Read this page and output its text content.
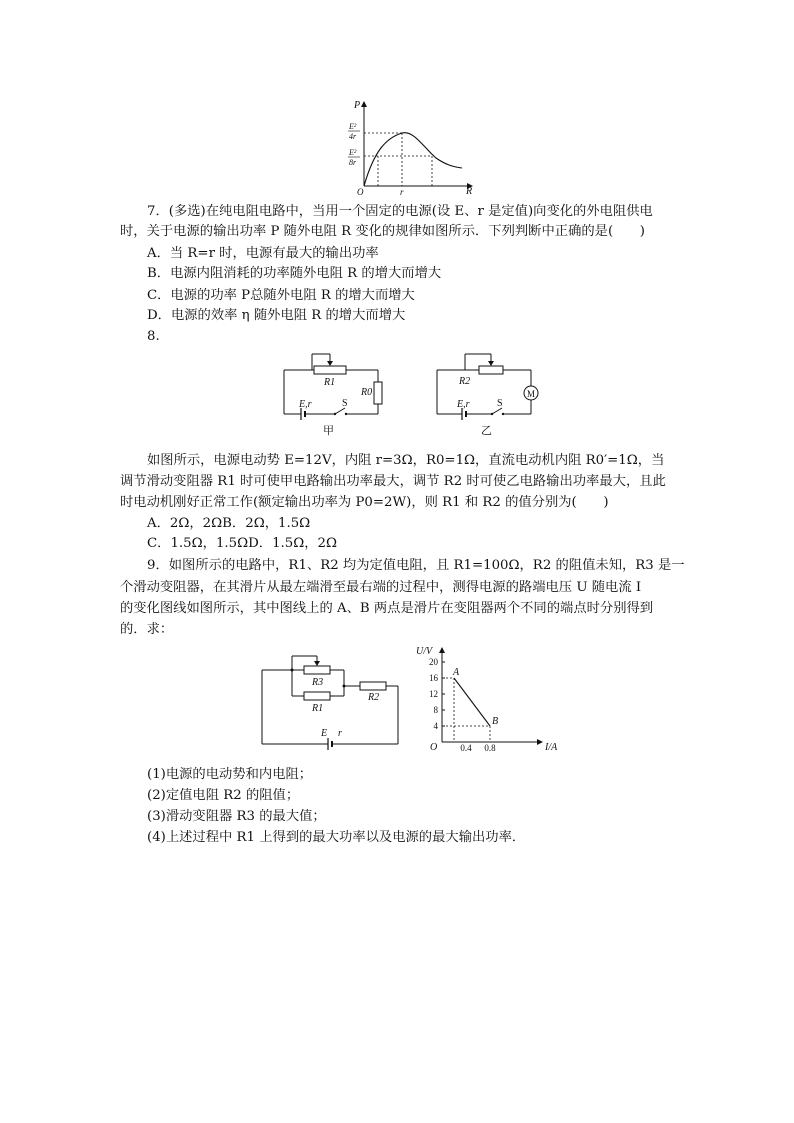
P
R
O
E²
4r
E²
8r
r
7．(多选)在纯电阻电路中，当用一个固定的电源(设 E、r 是定值)向变化的外电阻供电
时，关于电源的输出功率 P 随外电阻 R 变化的规律如图所示．下列判断中正确的是(　　)
A．当 R=r 时，电源有最大的输出功率
B．电源内阻消耗的功率随外电阻 R 的增大而增大
C．电源的功率 P总随外电阻 R 的增大而增大
D．电源的效率 η 随外电阻 R 的增大而增大
8.
R1
R0
E,r	S
甲
R2
M
E,r	S
乙
如图所示，电源电动势 E=12V，内阻 r=3Ω，R0=1Ω，直流电动机内阻 R0′=1Ω，当
调节滑动变阻器 R1 时可使甲电路输出功率最大，调节 R2 时可使乙电路输出功率最大，且此
时电动机刚好正常工作(额定输出功率为 P0=2W)，则 R1 和 R2 的值分别为(　　)
A．2Ω，2ΩB．2Ω，1.5Ω
C．1.5Ω，1.5ΩD．1.5Ω，2Ω
9．如图所示的电路中，R1、R2 均为定值电阻，且 R1=100Ω，R2 的阻值未知，R3 是一
个滑动变阻器，在其滑片从最左端滑至最右端的过程中，测得电源的路端电压 U 随电流 I
的变化图线如图所示，其中图线上的 A、B 两点是滑片在变阻器两个不同的端点时分别得到
的．求：
R3
R1
R2
E r
20
16
12
8
4
0.4 0.8
A
B
U/V
I/A
O
(1)电源的电动势和内电阻；
(2)定值电阻 R2 的阻值；
(3)滑动变阻器 R3 的最大值；
(4)上述过程中 R1 上得到的最大功率以及电源的最大输出功率．
